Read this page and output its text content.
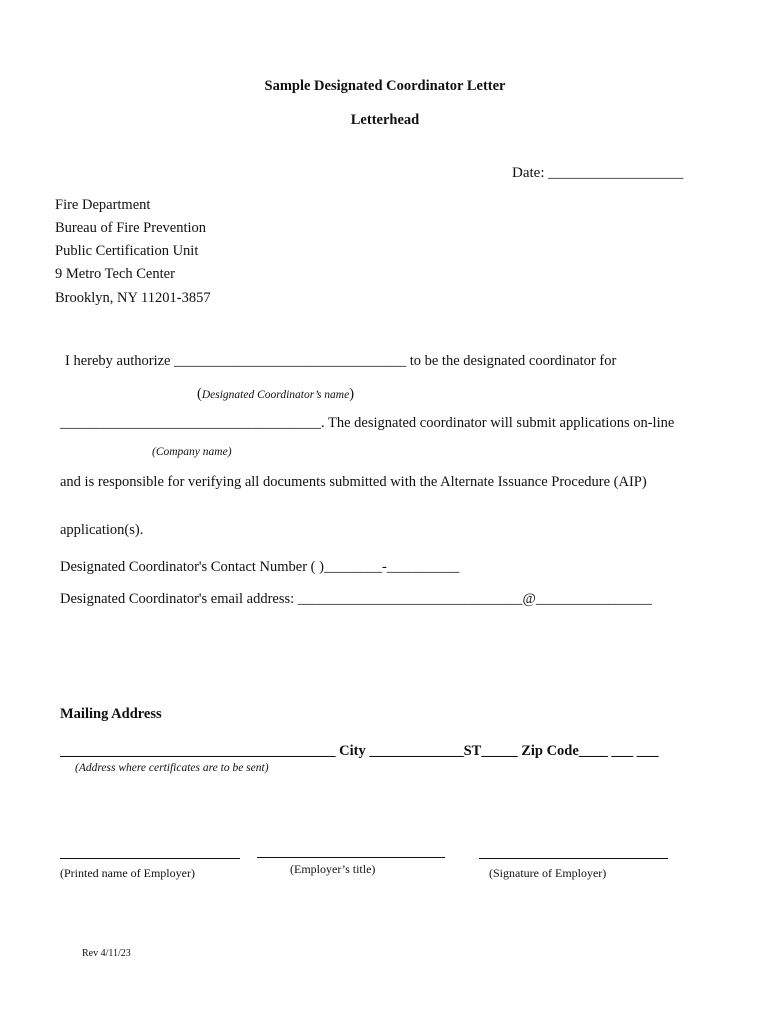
Sample Designated Coordinator Letter
Letterhead
Date: __________________
Fire Department
Bureau of Fire Prevention
Public Certification Unit
9 Metro Tech Center
Brooklyn, NY 11201-3857
I hereby authorize ________________________________ to be the designated coordinator for
(Designated Coordinator’s name)
____________________________________. The designated coordinator will submit applications on-line
(Company name)
and is responsible for verifying all documents submitted with the Alternate Issuance Procedure (AIP)
application(s).
Designated Coordinator's Contact Number ( )________-__________
Designated Coordinator's email address: _______________________________@________________
Mailing Address
______________________________________ City _____________ST_____ Zip Code____ ___ ___
(Address where certificates are to be sent)
(Printed name of Employer)	(Employer’s title)	(Signature of Employer)
Rev 4/11/23
